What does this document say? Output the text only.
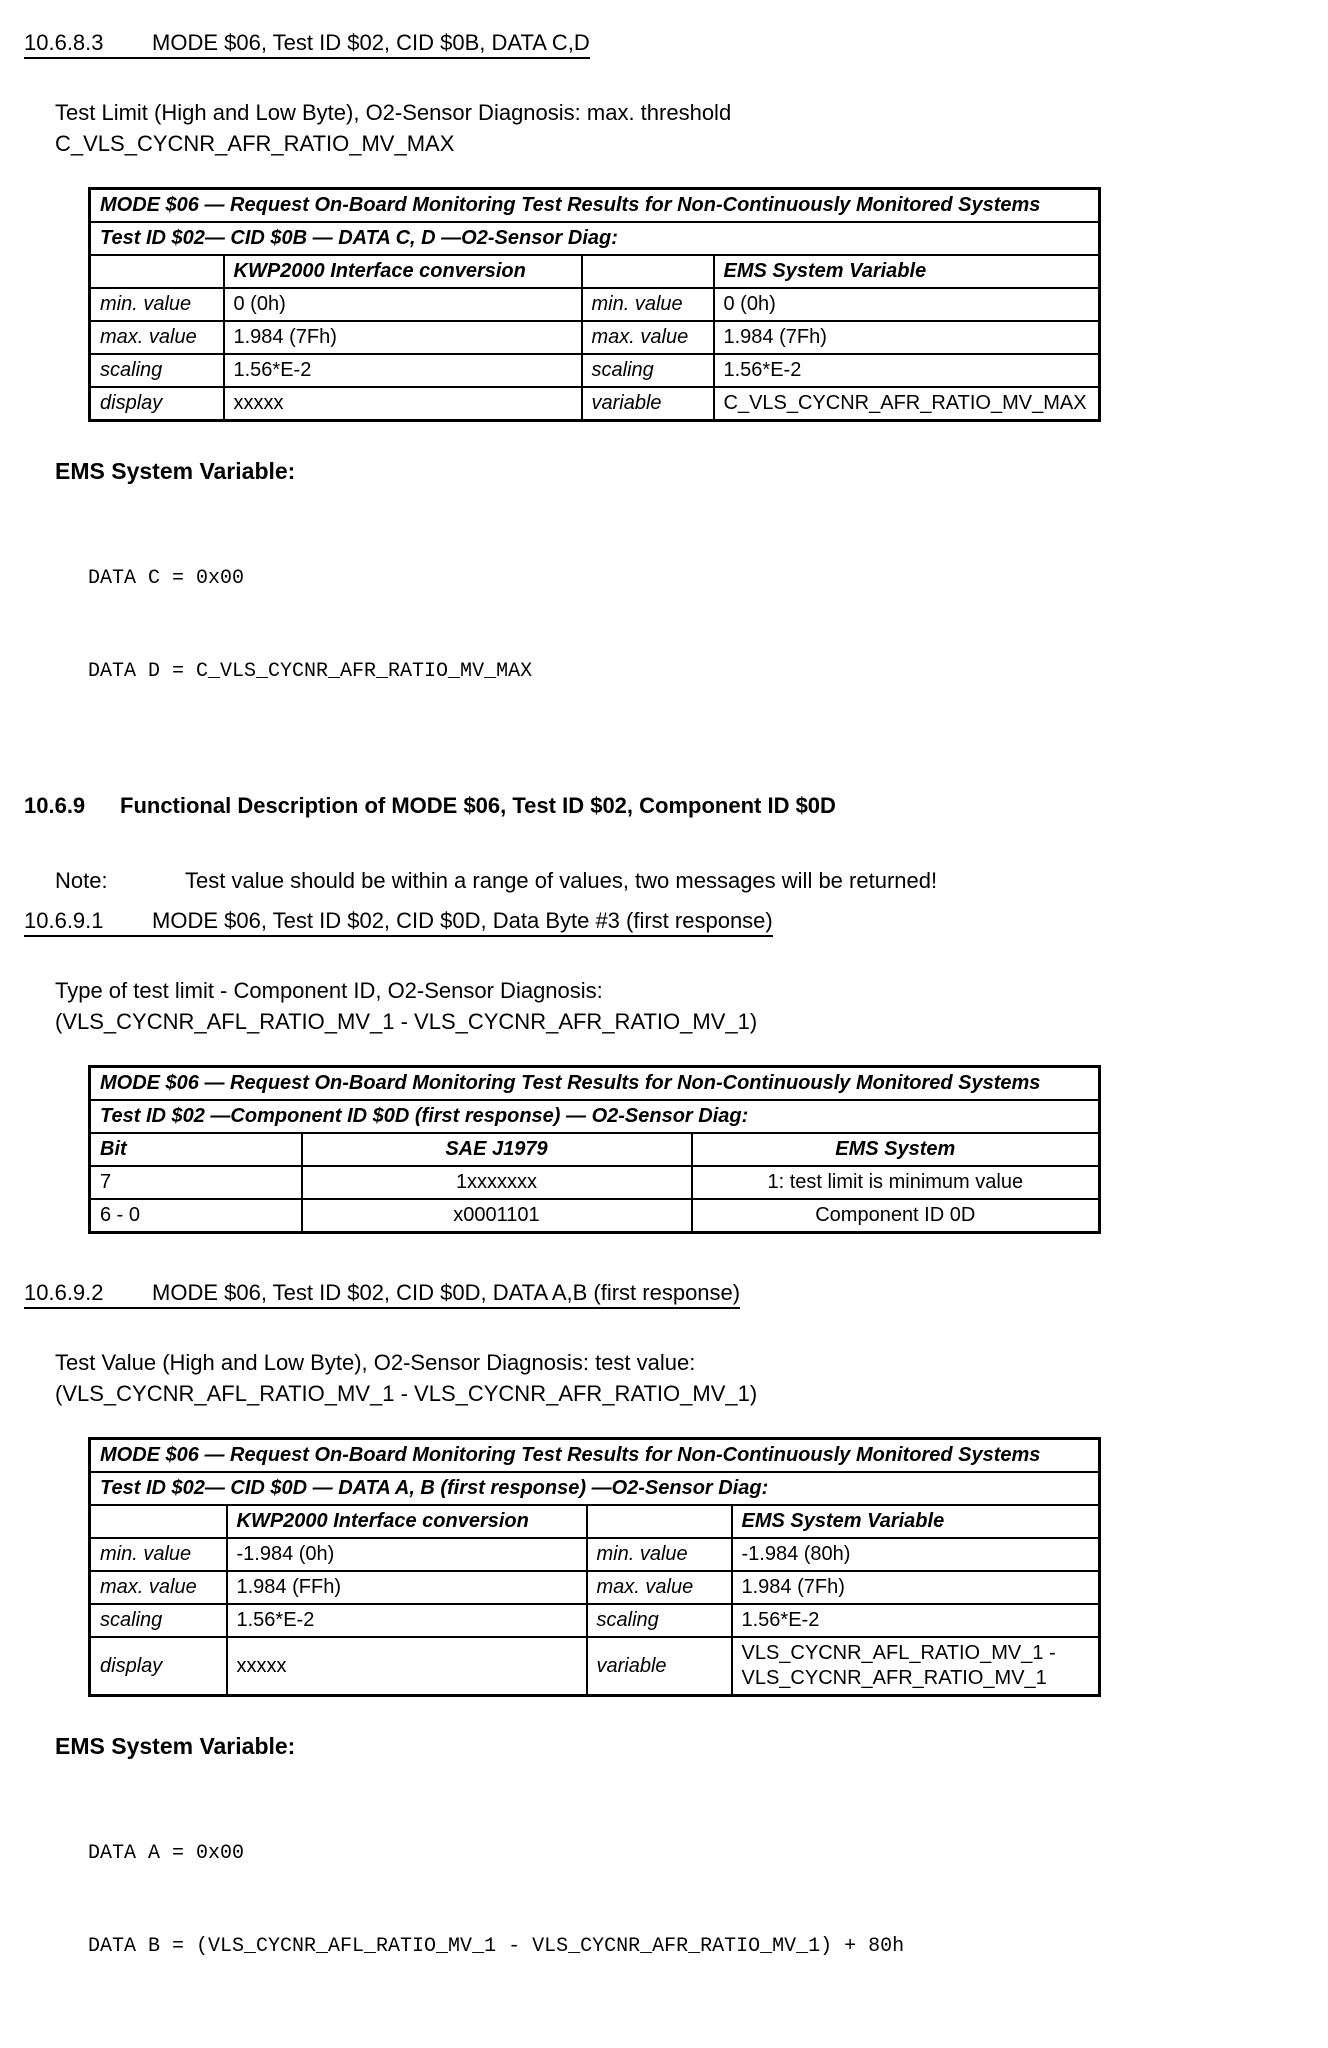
10.6.8.3 MODE $06, Test ID $02, CID $0B, DATA C,D

Test Limit (High and Low Byte), O2-Sensor Diagnosis: max. threshold
C_VLS_CYCNR_AFR_RATIO_MV_MAX

MODE $06 — Request On-Board Monitoring Test Results for Non-Continuously Monitored Systems			
Test ID $02— CID $0B — DATA C, D —O2-Sensor Diag:			
	KWP2000 Interface conversion		EMS System Variable
min. value	0 (0h)	min. value	0 (0h)
max. value	1.984 (7Fh)	max. value	1.984 (7Fh)
scaling	1.56*E-2	scaling	1.56*E-2
display	xxxxx	variable	C_VLS_CYCNR_AFR_RATIO_MV_MAX
EMS System Variable:

DATA C = 0x00

DATA D = C_VLS_CYCNR_AFR_RATIO_MV_MAX

10.6.9 Functional Description of MODE $06, Test ID $02, Component ID $0D

Note:	Test value should be within a range of values, two messages will be returned!

10.6.9.1 MODE $06, Test ID $02, CID $0D, Data Byte #3 (first response)

Type of test limit - Component ID, O2-Sensor Diagnosis:
(VLS_CYCNR_AFL_RATIO_MV_1 - VLS_CYCNR_AFR_RATIO_MV_1)

MODE $06 — Request On-Board Monitoring Test Results for Non-Continuously Monitored Systems		
Test ID $02 —Component ID $0D (first response) — O2-Sensor Diag:		
Bit	SAE J1979	EMS System
7	1xxxxxxx	1: test limit is minimum value
6 - 0	x0001101	Component ID 0D
10.6.9.2 MODE $06, Test ID $02, CID $0D, DATA A,B (first response)

Test Value (High and Low Byte), O2-Sensor Diagnosis: test value:
(VLS_CYCNR_AFL_RATIO_MV_1 - VLS_CYCNR_AFR_RATIO_MV_1)

MODE $06 — Request On-Board Monitoring Test Results for Non-Continuously Monitored Systems			
Test ID $02— CID $0D — DATA A, B (first response) —O2-Sensor Diag:			
	KWP2000 Interface conversion		EMS System Variable
min. value	-1.984 (0h)	min. value	-1.984 (80h)
max. value	1.984 (FFh)	max. value	1.984 (7Fh)
scaling	1.56*E-2	scaling	1.56*E-2
display	xxxxx	variable	VLS_CYCNR_AFL_RATIO_MV_1 - VLS_CYCNR_AFR_RATIO_MV_1
EMS System Variable:

DATA A = 0x00

DATA B = (VLS_CYCNR_AFL_RATIO_MV_1 - VLS_CYCNR_AFR_RATIO_MV_1) + 80h
